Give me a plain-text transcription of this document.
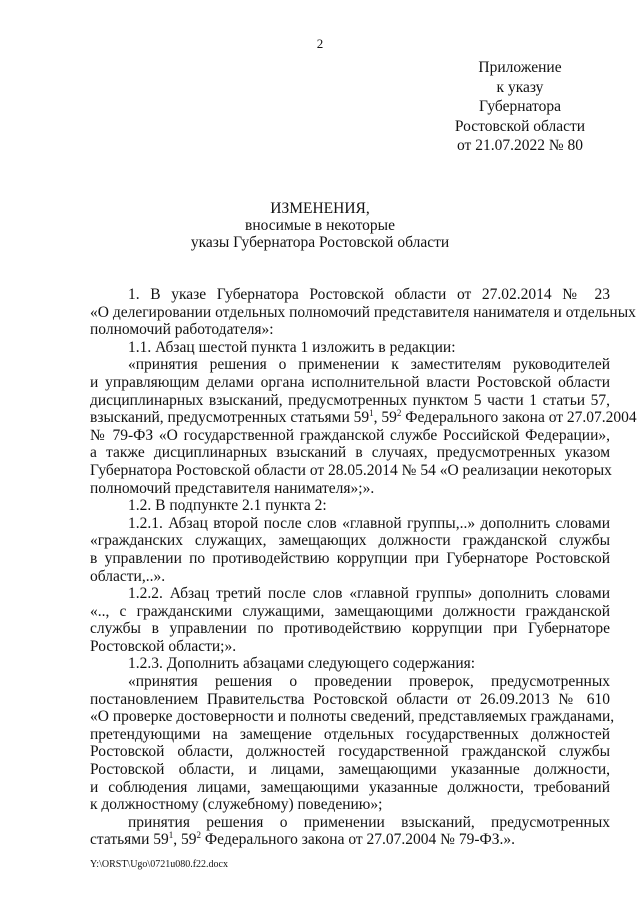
2
Приложение
к указу
Губернатора
Ростовской области
от 21.07.2022 № 80
ИЗМЕНЕНИЯ,
вносимые в некоторые
указы Губернатора Ростовской области
1. В указе Губернатора Ростовской области от 27.02.2014 № 23
«О делегировании отдельных полномочий представителя нанимателя и отдельных
полномочий работодателя»:
1.1. Абзац шестой пункта 1 изложить в редакции:
«принятия решения о применении к заместителям руководителей
и управляющим делами органа исполнительной власти Ростовской области
дисциплинарных взысканий, предусмотренных пунктом 5 части 1 статьи 57,
взысканий, предусмотренных статьями $59^1$, $59^2$ Федерального закона от 27.07.2004
№ 79-ФЗ «О государственной гражданской службе Российской Федерации»,
а также дисциплинарных взысканий в случаях, предусмотренных указом
Губернатора Ростовской области от 28.05.2014 № 54 «О реализации некоторых
полномочий представителя нанимателя»;».
1.2. В подпункте 2.1 пункта 2:
1.2.1. Абзац второй после слов «главной группы,..» дополнить словами
«гражданских служащих, замещающих должности гражданской службы
в управлении по противодействию коррупции при Губернаторе Ростовской
области,..».
1.2.2. Абзац третий после слов «главной группы» дополнить словами
«.., с гражданскими служащими, замещающими должности гражданской
службы в управлении по противодействию коррупции при Губернаторе
Ростовской области;».
1.2.3. Дополнить абзацами следующего содержания:
«принятия решения о проведении проверок, предусмотренных
постановлением Правительства Ростовской области от 26.09.2013 № 610
«О проверке достоверности и полноты сведений, представляемых гражданами,
претендующими на замещение отдельных государственных должностей
Ростовской области, должностей государственной гражданской службы
Ростовской области, и лицами, замещающими указанные должности,
и соблюдения лицами, замещающими указанные должности, требований
к должностному (служебному) поведению»;
принятия решения о применении взысканий, предусмотренных
статьями $59^1$, $59^2$ Федерального закона от 27.07.2004 № 79-ФЗ.».
Y:\ORST\Ugo\0721u080.f22.docx
